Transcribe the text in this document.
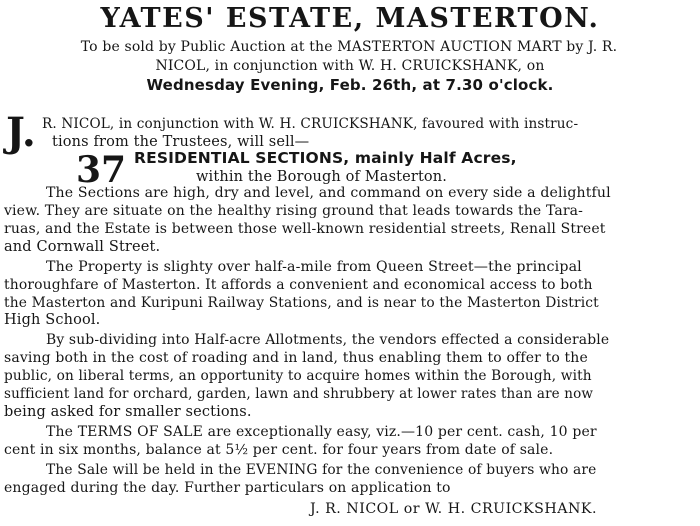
YATES' ESTATE, MASTERTON.

To be sold by Public Auction at the MASTERTON AUCTION MART by J. R.

NICOL, in conjunction with W. H. CRUICKSHANK, on

Wednesday Evening, Feb. 26th, at 7.30 o'clock.

J. R. NICOL, in conjunction with W. H. CRUICKSHANK, favoured with instruc-

tions from the Trustees, will sell—

37 RESIDENTIAL SECTIONS, mainly Half Acres,

within the Borough of Masterton.

The Sections are high, dry and level, and command on every side a delightful

view. They are situate on the healthy rising ground that leads towards the Tara-

ruas, and the Estate is between those well-known residential streets, Renall Street

and Cornwall Street.

The Property is slighty over half-a-mile from Queen Street—the principal

thoroughfare of Masterton. It affords a convenient and economical access to both

the Masterton and Kuripuni Railway Stations, and is near to the Masterton District

High School.

By sub-dividing into Half-acre Allotments, the vendors effected a considerable

saving both in the cost of roading and in land, thus enabling them to offer to the

public, on liberal terms, an opportunity to acquire homes within the Borough, with

sufficient land for orchard, garden, lawn and shrubbery at lower rates than are now

being asked for smaller sections.

The TERMS OF SALE are exceptionally easy, viz.—10 per cent. cash, 10 per

cent in six months, balance at 5½ per cent. for four years from date of sale.

The Sale will be held in the EVENING for the convenience of buyers who are

engaged during the day. Further particulars on application to

J. R. NICOL or W. H. CRUICKSHANK.
